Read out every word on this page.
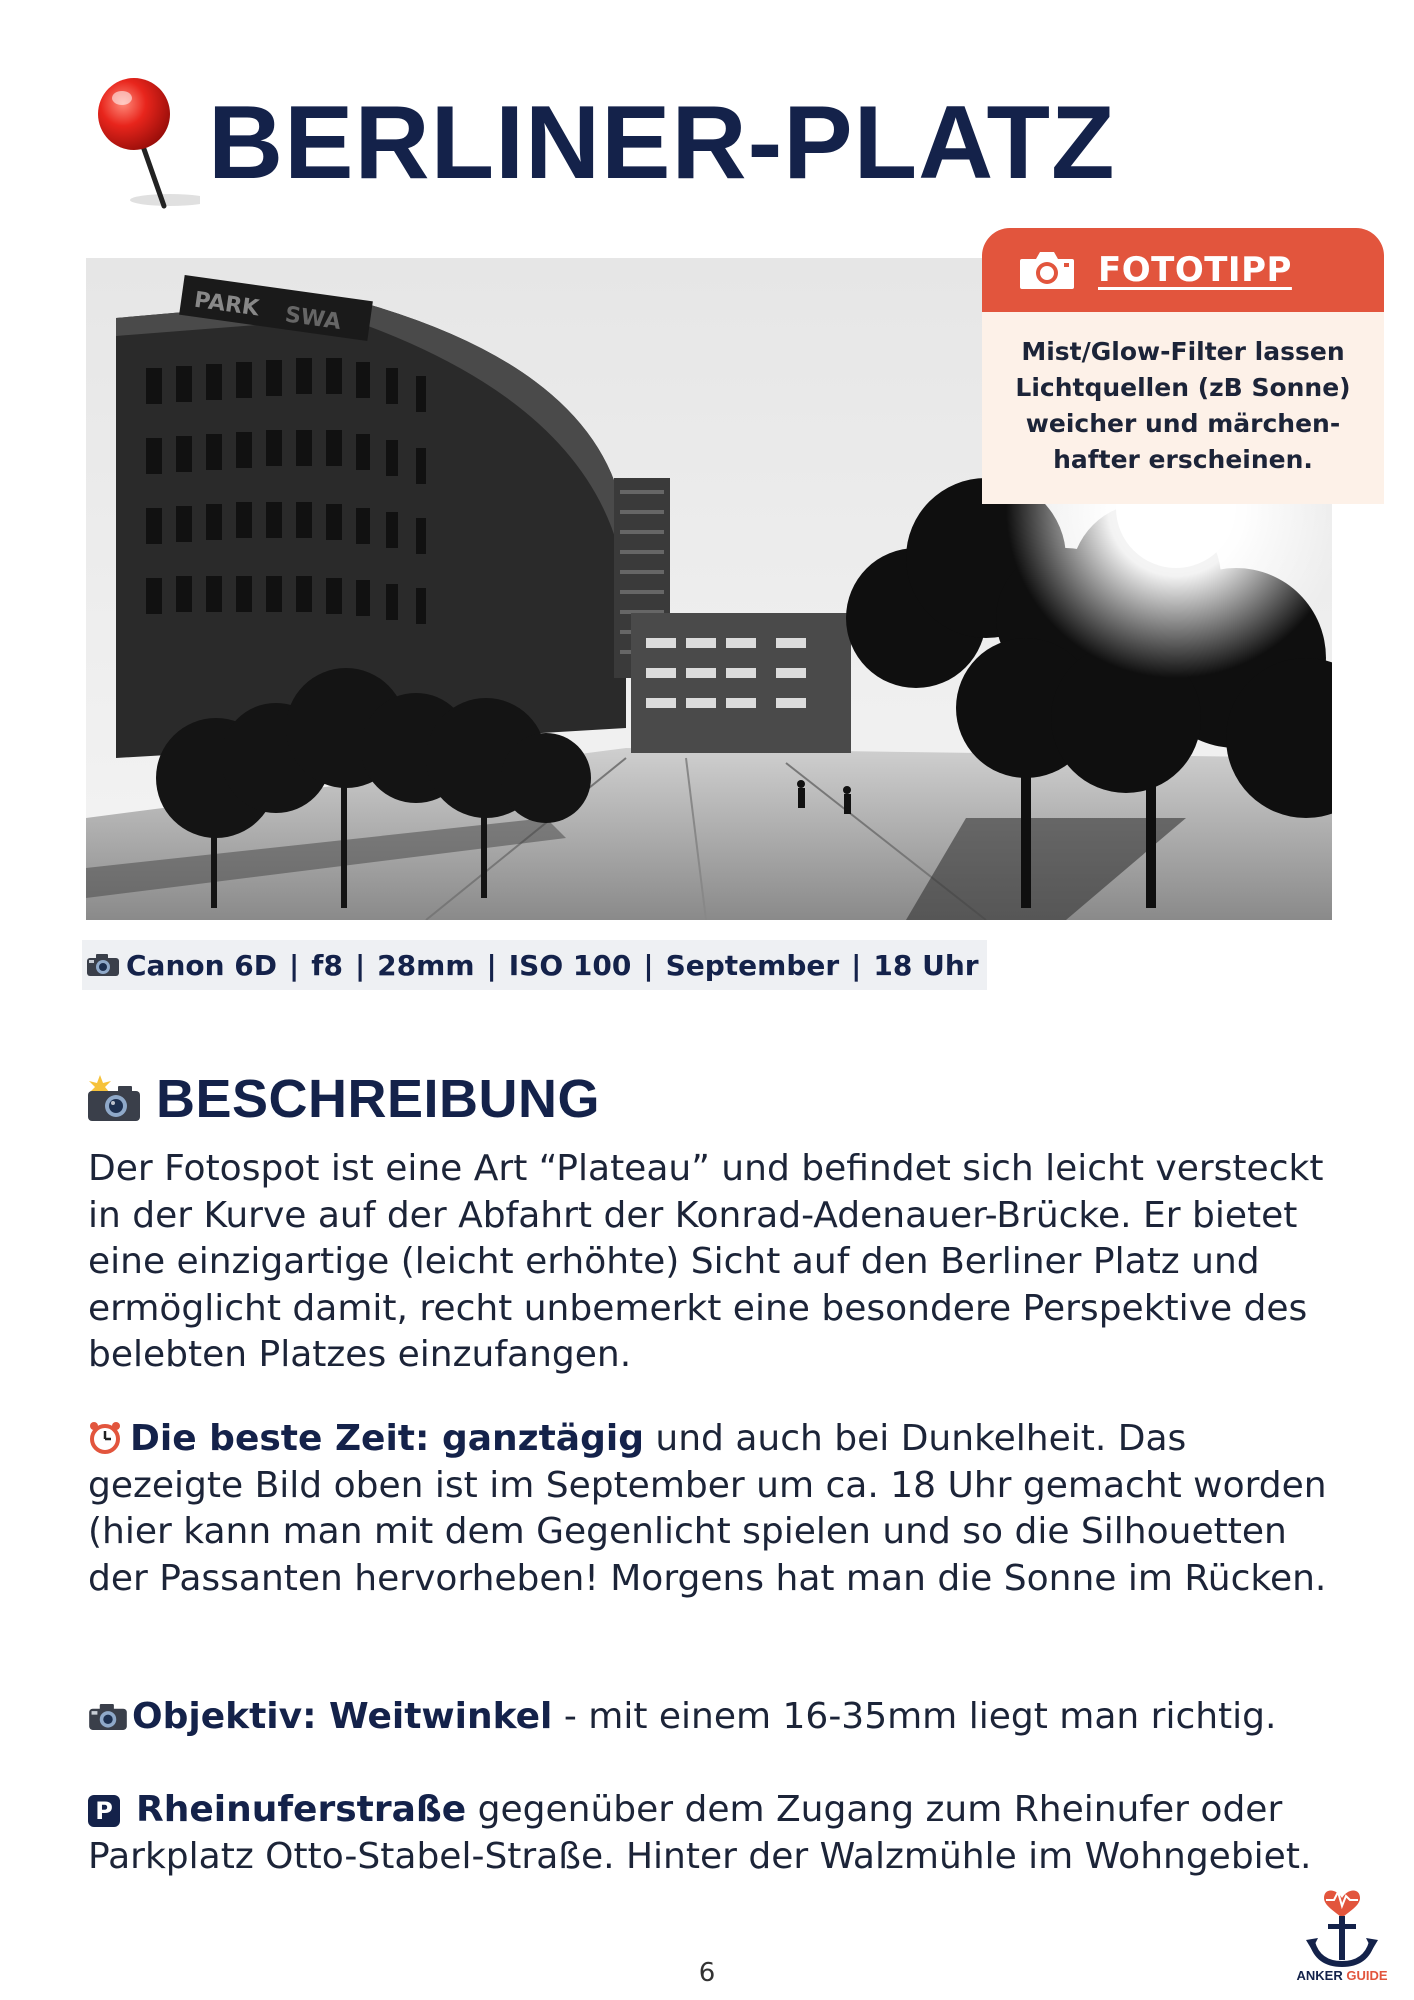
BERLINER-PLATZ
PARK SWA
FOTOTIPP
Mist/Glow-Filter lassen
Lichtquellen (zB Sonne)
weicher und märchen-
hafter erscheinen.
Canon 6D | f8 | 28mm | ISO 100 | September | 18 Uhr
BESCHREIBUNG

Der Fotospot ist eine Art “Plateau” und befindet sich leicht versteckt in der Kurve auf der Abfahrt der Konrad-Adenauer-Brücke. Er bietet eine einzigartige (leicht erhöhte) Sicht auf den Berliner Platz und ermöglicht damit, recht unbemerkt eine besondere Perspektive des belebten Platzes einzufangen.

Die beste Zeit: ganztägig und auch bei Dunkelheit. Das gezeigte Bild oben ist im September um ca. 18 Uhr gemacht worden (hier kann man mit dem Gegenlicht spielen und so die Silhouetten der Passanten hervorheben! Morgens hat man die Sonne im Rücken.

Objektiv: Weitwinkel - mit einem 16-35mm liegt man richtig.

P Rheinuferstraße gegenüber dem Zugang zum Rheinufer oder Parkplatz Otto-Stabel-Straße. Hinter der Walzmühle im Wohngebiet.

6	ANKER GUIDE
